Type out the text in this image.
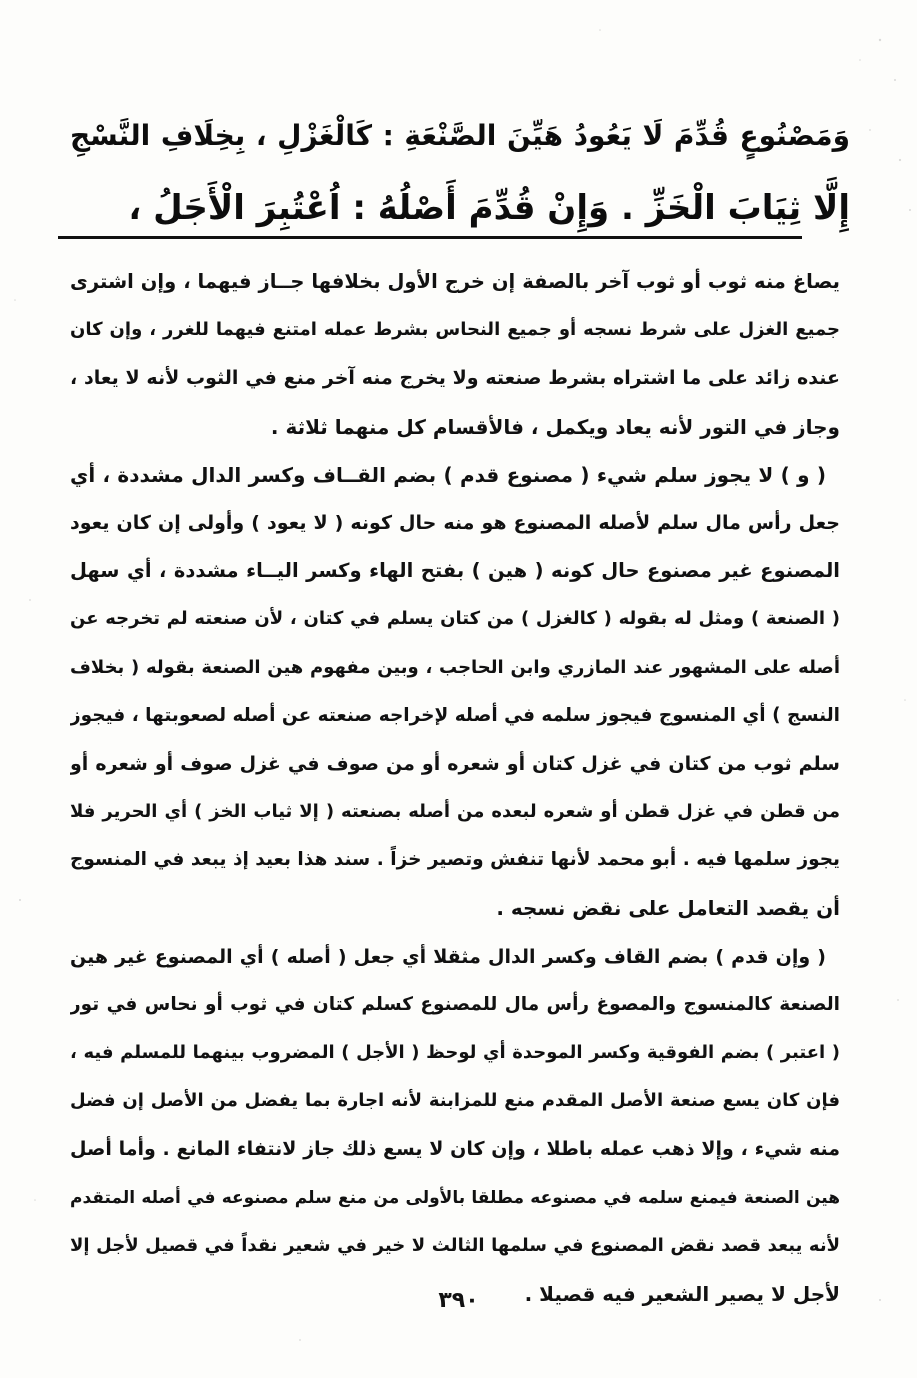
وَمَصْنُوعٍ قُدِّمَ لَا يَعُودُ هَيِّنَ الصَّنْعَةِ : كَالْغَزْلِ ، بِخِلَافِ النَّسْجِ
إِلَّا ثِيَابَ الْخَزِّ . وَإِنْ قُدِّمَ أَصْلُهُ : اُعْتُبِرَ الْأَجَلُ ،
يصاغ منه ثوب أو ثوب آخر بالصفة إن خرج الأول بخلافها جــاز فيهما ، وإن اشترى
جميع الغزل على شرط نسجه أو جميع النحاس بشرط عمله امتنع فيهما للغرر ، وإن كان
عنده زائد على ما اشتراه بشرط صنعته ولا يخرج منه آخر منع في الثوب لأنه لا يعاد ،
وجاز في التور لأنه يعاد ويكمل ، فالأقسام كل منهما ثلاثة .
( و ) لا يجوز سلم شيء ( مصنوع قدم ) بضم القــاف وكسر الدال مشددة ، أي
جعل رأس مال سلم لأصله المصنوع هو منه حال كونه ( لا يعود ) وأولى إن كان يعود
المصنوع غير مصنوع حال كونه ( هين ) بفتح الهاء وكسر اليــاء مشددة ، أي سهل
( الصنعة ) ومثل له بقوله ( كالغزل ) من كتان يسلم في كتان ، لأن صنعته لم تخرجه عن
أصله على المشهور عند المازري وابن الحاجب ، وبين مفهوم هين الصنعة بقوله ( بخلاف
النسج ) أي المنسوج فيجوز سلمه في أصله لإخراجه صنعته عن أصله لصعوبتها ، فيجوز
سلم ثوب من كتان في غزل كتان أو شعره أو من صوف في غزل صوف أو شعره أو
من قطن في غزل قطن أو شعره لبعده من أصله بصنعته ( إلا ثياب الخز ) أي الحرير فلا
يجوز سلمها فيه . أبو محمد لأنها تنفش وتصير خزاً . سند هذا بعيد إذ يبعد في المنسوج
أن يقصد التعامل على نقض نسجه .
( وإن قدم ) بضم القاف وكسر الدال مثقلا أي جعل ( أصله ) أي المصنوع غير هين
الصنعة كالمنسوج والمصوغ رأس مال للمصنوع كسلم كتان في ثوب أو نحاس في تور
( اعتبر ) بضم الفوقية وكسر الموحدة أي لوحظ ( الأجل ) المضروب بينهما للمسلم فيه ،
فإن كان يسع صنعة الأصل المقدم منع للمزابنة لأنه اجارة بما يفضل من الأصل إن فضل
منه شيء ، وإلا ذهب عمله باطلا ، وإن كان لا يسع ذلك جاز لانتفاء المانع . وأما أصل
هين الصنعة فيمنع سلمه في مصنوعه مطلقا بالأولى من منع سلم مصنوعه في أصله المتقدم
لأنه يبعد قصد نقض المصنوع في سلمها الثالث لا خير في شعير نقداً في قصيل لأجل إلا
لأجل لا يصير الشعير فيه قصيلا .
٣٩٠
